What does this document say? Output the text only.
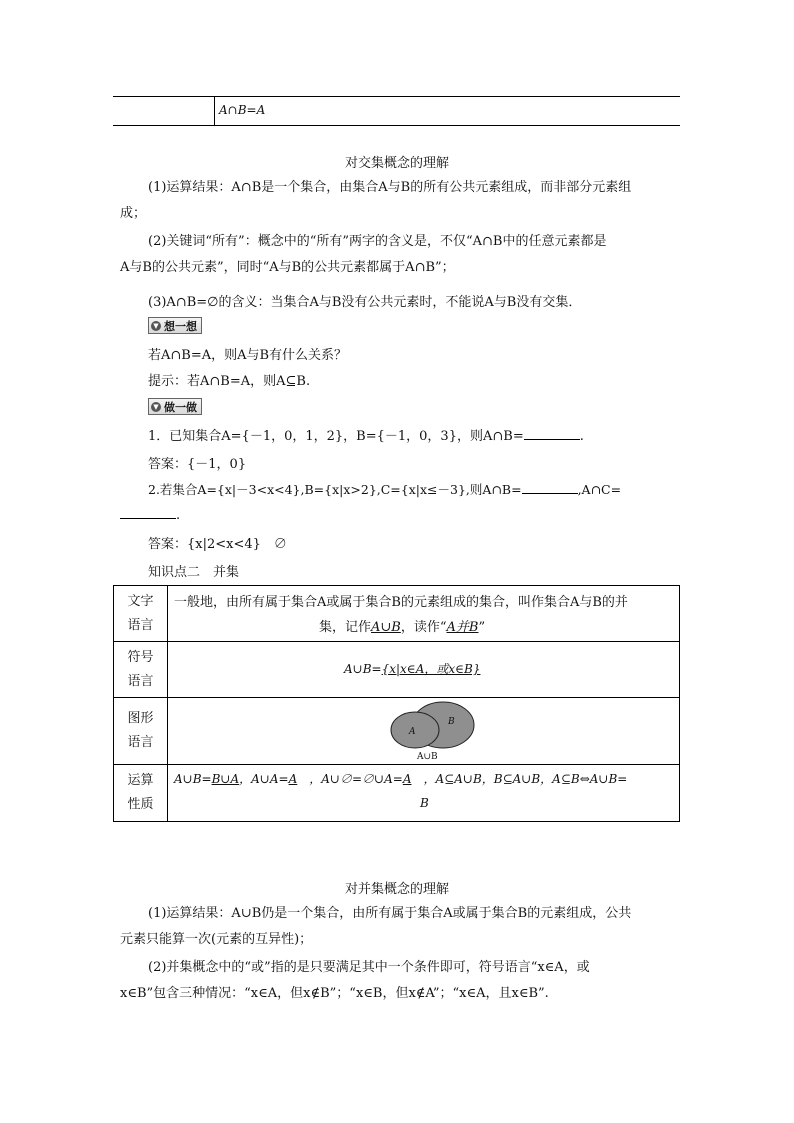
A∩B=A
对交集概念的理解
(1)运算结果：A∩B是一个集合，由集合A与B的所有公共元素组成，而非部分元素组
成；
(2)关键词“所有”：概念中的“所有”两字的含义是，不仅“A∩B中的任意元素都是
A与B的公共元素”，同时“A与B的公共元素都属于A∩B”；
(3)A∩B=∅的含义：当集合A与B没有公共元素时，不能说A与B没有交集．
▼ 想一想
若A∩B=A，则A与B有什么关系？
提示：若A∩B=A，则A⊆B.
▼ 做一做
1．已知集合A={－1，0，1，2}，B={－1，0，3}，则A∩B=	.
答案：{－1，0}
2.若集合A={x|－3<x<4},B={x|x>2},C={x|x≤－3},则A∩B=	,A∩C=
.
答案：{x|2<x<4}　∅
知识点二　并集
文字
语言
一般地，由所有属于集合A或属于集合B的元素组成的集合，叫作集合A与B的并
集，记作A∪B，读作“A并B”
符号
语言
A∪B={x|x∈A，或x∈B}
图形
语言
A
B
A∪B
运算
性质
A∪B=B∪A，A∪A=A  ，A∪∅=∅∪A=A  ，A⊆A∪B，B⊆A∪B，A⊆B⇔A∪B=
B
对并集概念的理解
(1)运算结果：A∪B仍是一个集合，由所有属于集合A或属于集合B的元素组成，公共
元素只能算一次(元素的互异性)；
(2)并集概念中的“或”指的是只要满足其中一个条件即可，符号语言“x∈A，或
x∈B”包含三种情况：“x∈A，但x∉B”；“x∈B，但x∉A”；“x∈A，且x∈B”.
